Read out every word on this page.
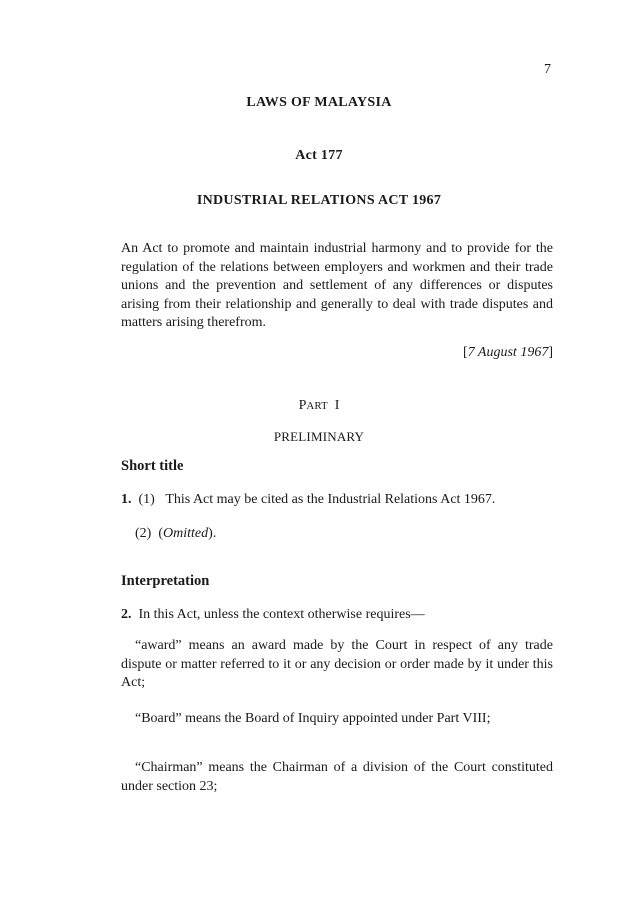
7
LAWS OF MALAYSIA
Act 177
INDUSTRIAL RELATIONS ACT 1967
An Act to promote and maintain industrial harmony and to provide for the regulation of the relations between employers and workmen and their trade unions and the prevention and settlement of any differences or disputes arising from their relationship and generally to deal with trade disputes and matters arising therefrom.
[7 August 1967]
PART I
PRELIMINARY
Short title
1. (1) This Act may be cited as the Industrial Relations Act 1967.
(2) (Omitted).
Interpretation
2. In this Act, unless the context otherwise requires—
“award” means an award made by the Court in respect of any trade dispute or matter referred to it or any decision or order made by it under this Act;
“Board” means the Board of Inquiry appointed under Part VIII;
“Chairman” means the Chairman of a division of the Court constituted under section 23;
